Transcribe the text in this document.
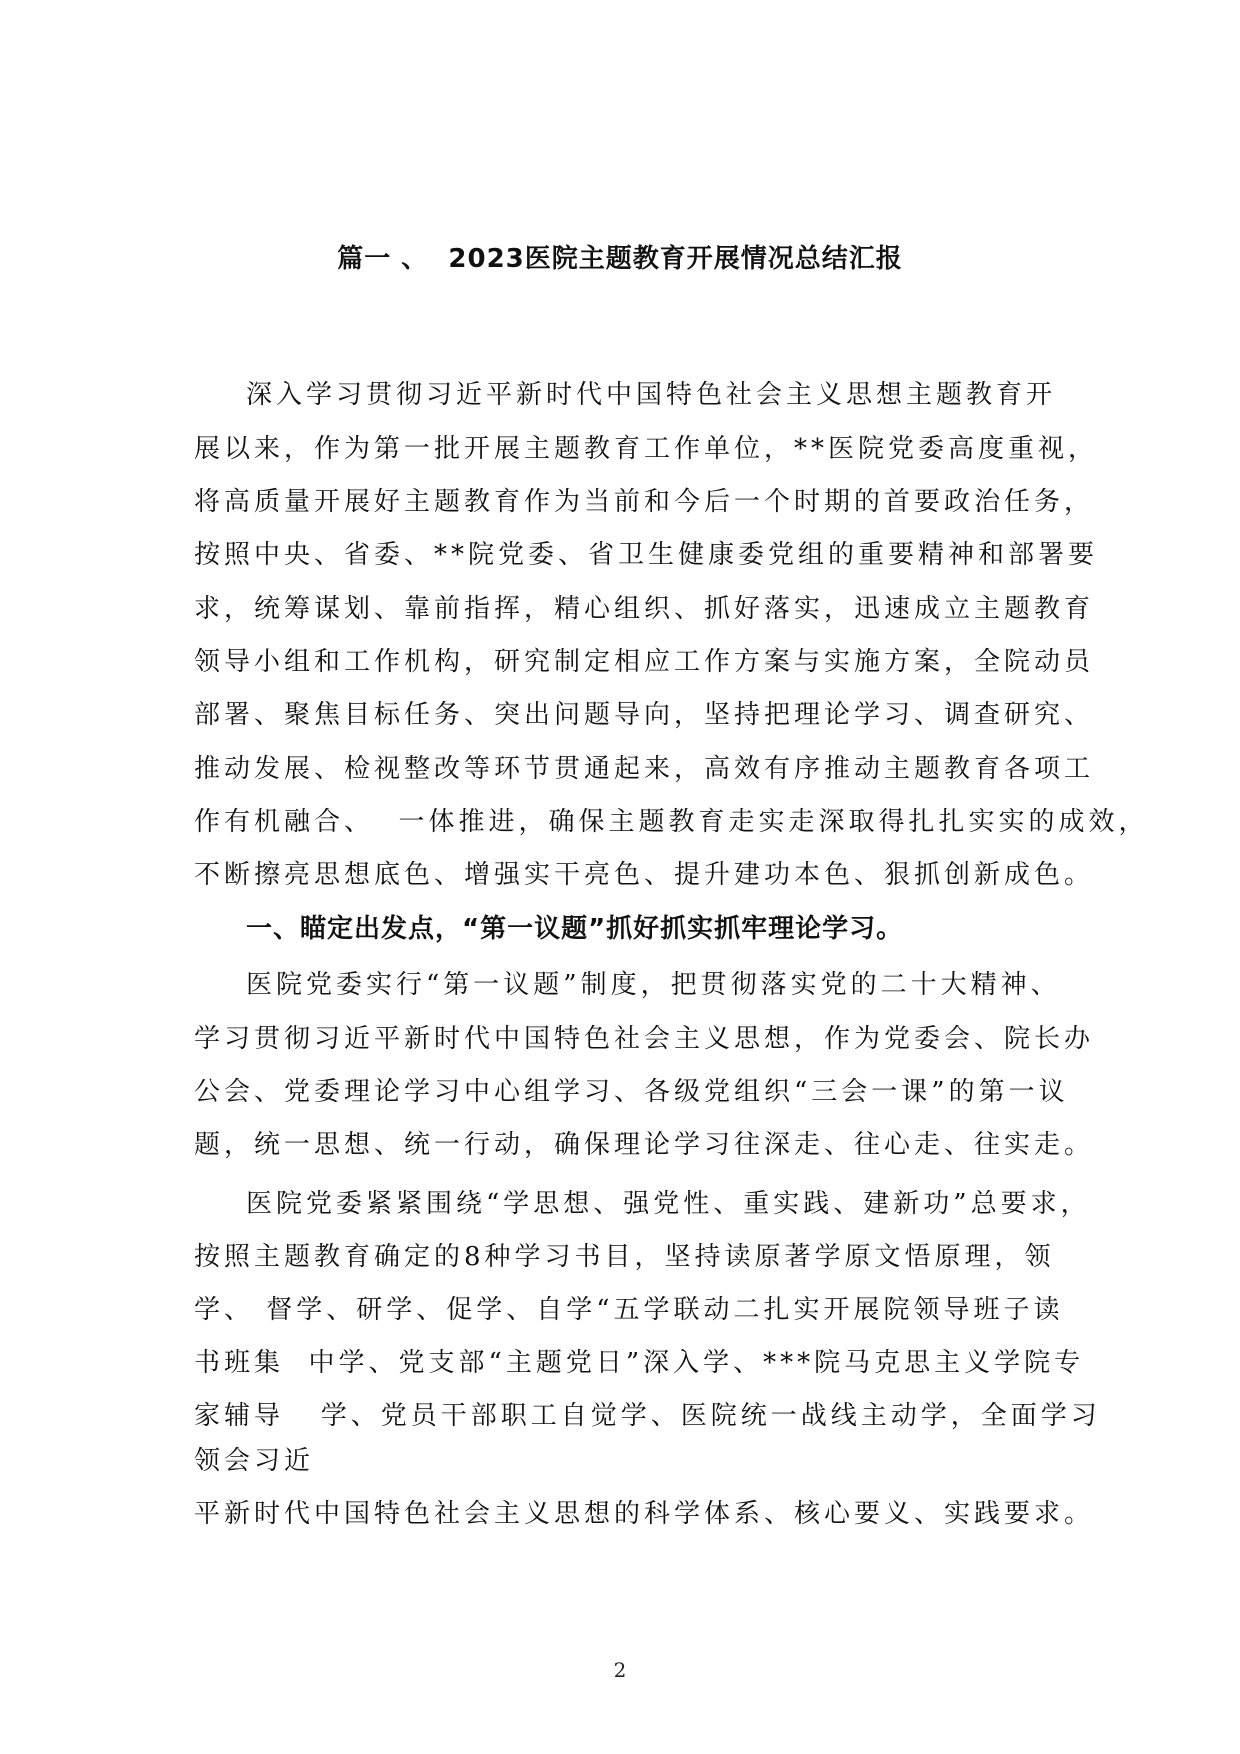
篇一 、  2023医院主题教育开展情况总结汇报
深入学习贯彻习近平新时代中国特色社会主义思想主题教育开
展以来，作为第一批开展主题教育工作单位，**医院党委高度重视，
将高质量开展好主题教育作为当前和今后一个时期的首要政治任务，
按照中央、省委、**院党委、省卫生健康委党组的重要精神和部署要
求，统筹谋划、靠前指挥，精心组织、抓好落实，迅速成立主题教育
领导小组和工作机构，研究制定相应工作方案与实施方案，全院动员
部署、聚焦目标任务、突出问题导向，坚持把理论学习、调查研究、
推动发展、检视整改等环节贯通起来，高效有序推动主题教育各项工
作有机融合、  一体推进，确保主题教育走实走深取得扎扎实实的成效，
不断擦亮思想底色、增强实干亮色、提升建功本色、狠抓创新成色。
一、瞄定出发点，“第一议题”抓好抓实抓牢理论学习。
医院党委实行“第一议题”制度，把贯彻落实党的二十大精神、
学习贯彻习近平新时代中国特色社会主义思想，作为党委会、院长办
公会、党委理论学习中心组学习、各级党组织“三会一课”的第一议
题，统一思想、统一行动，确保理论学习往深走、往心走、往实走。
医院党委紧紧围绕“学思想、强党性、重实践、建新功”总要求，
按照主题教育确定的8种学习书目，坚持读原著学原文悟原理，领
学、 督学、研学、促学、自学“五学联动二扎实开展院领导班子读
书班集  中学、党支部“主题党日”深入学、***院马克思主义学院专
家辅导   学、党员干部职工自觉学、医院统一战线主动学，全面学习
领会习近
平新时代中国特色社会主义思想的科学体系、核心要义、实践要求。
2
